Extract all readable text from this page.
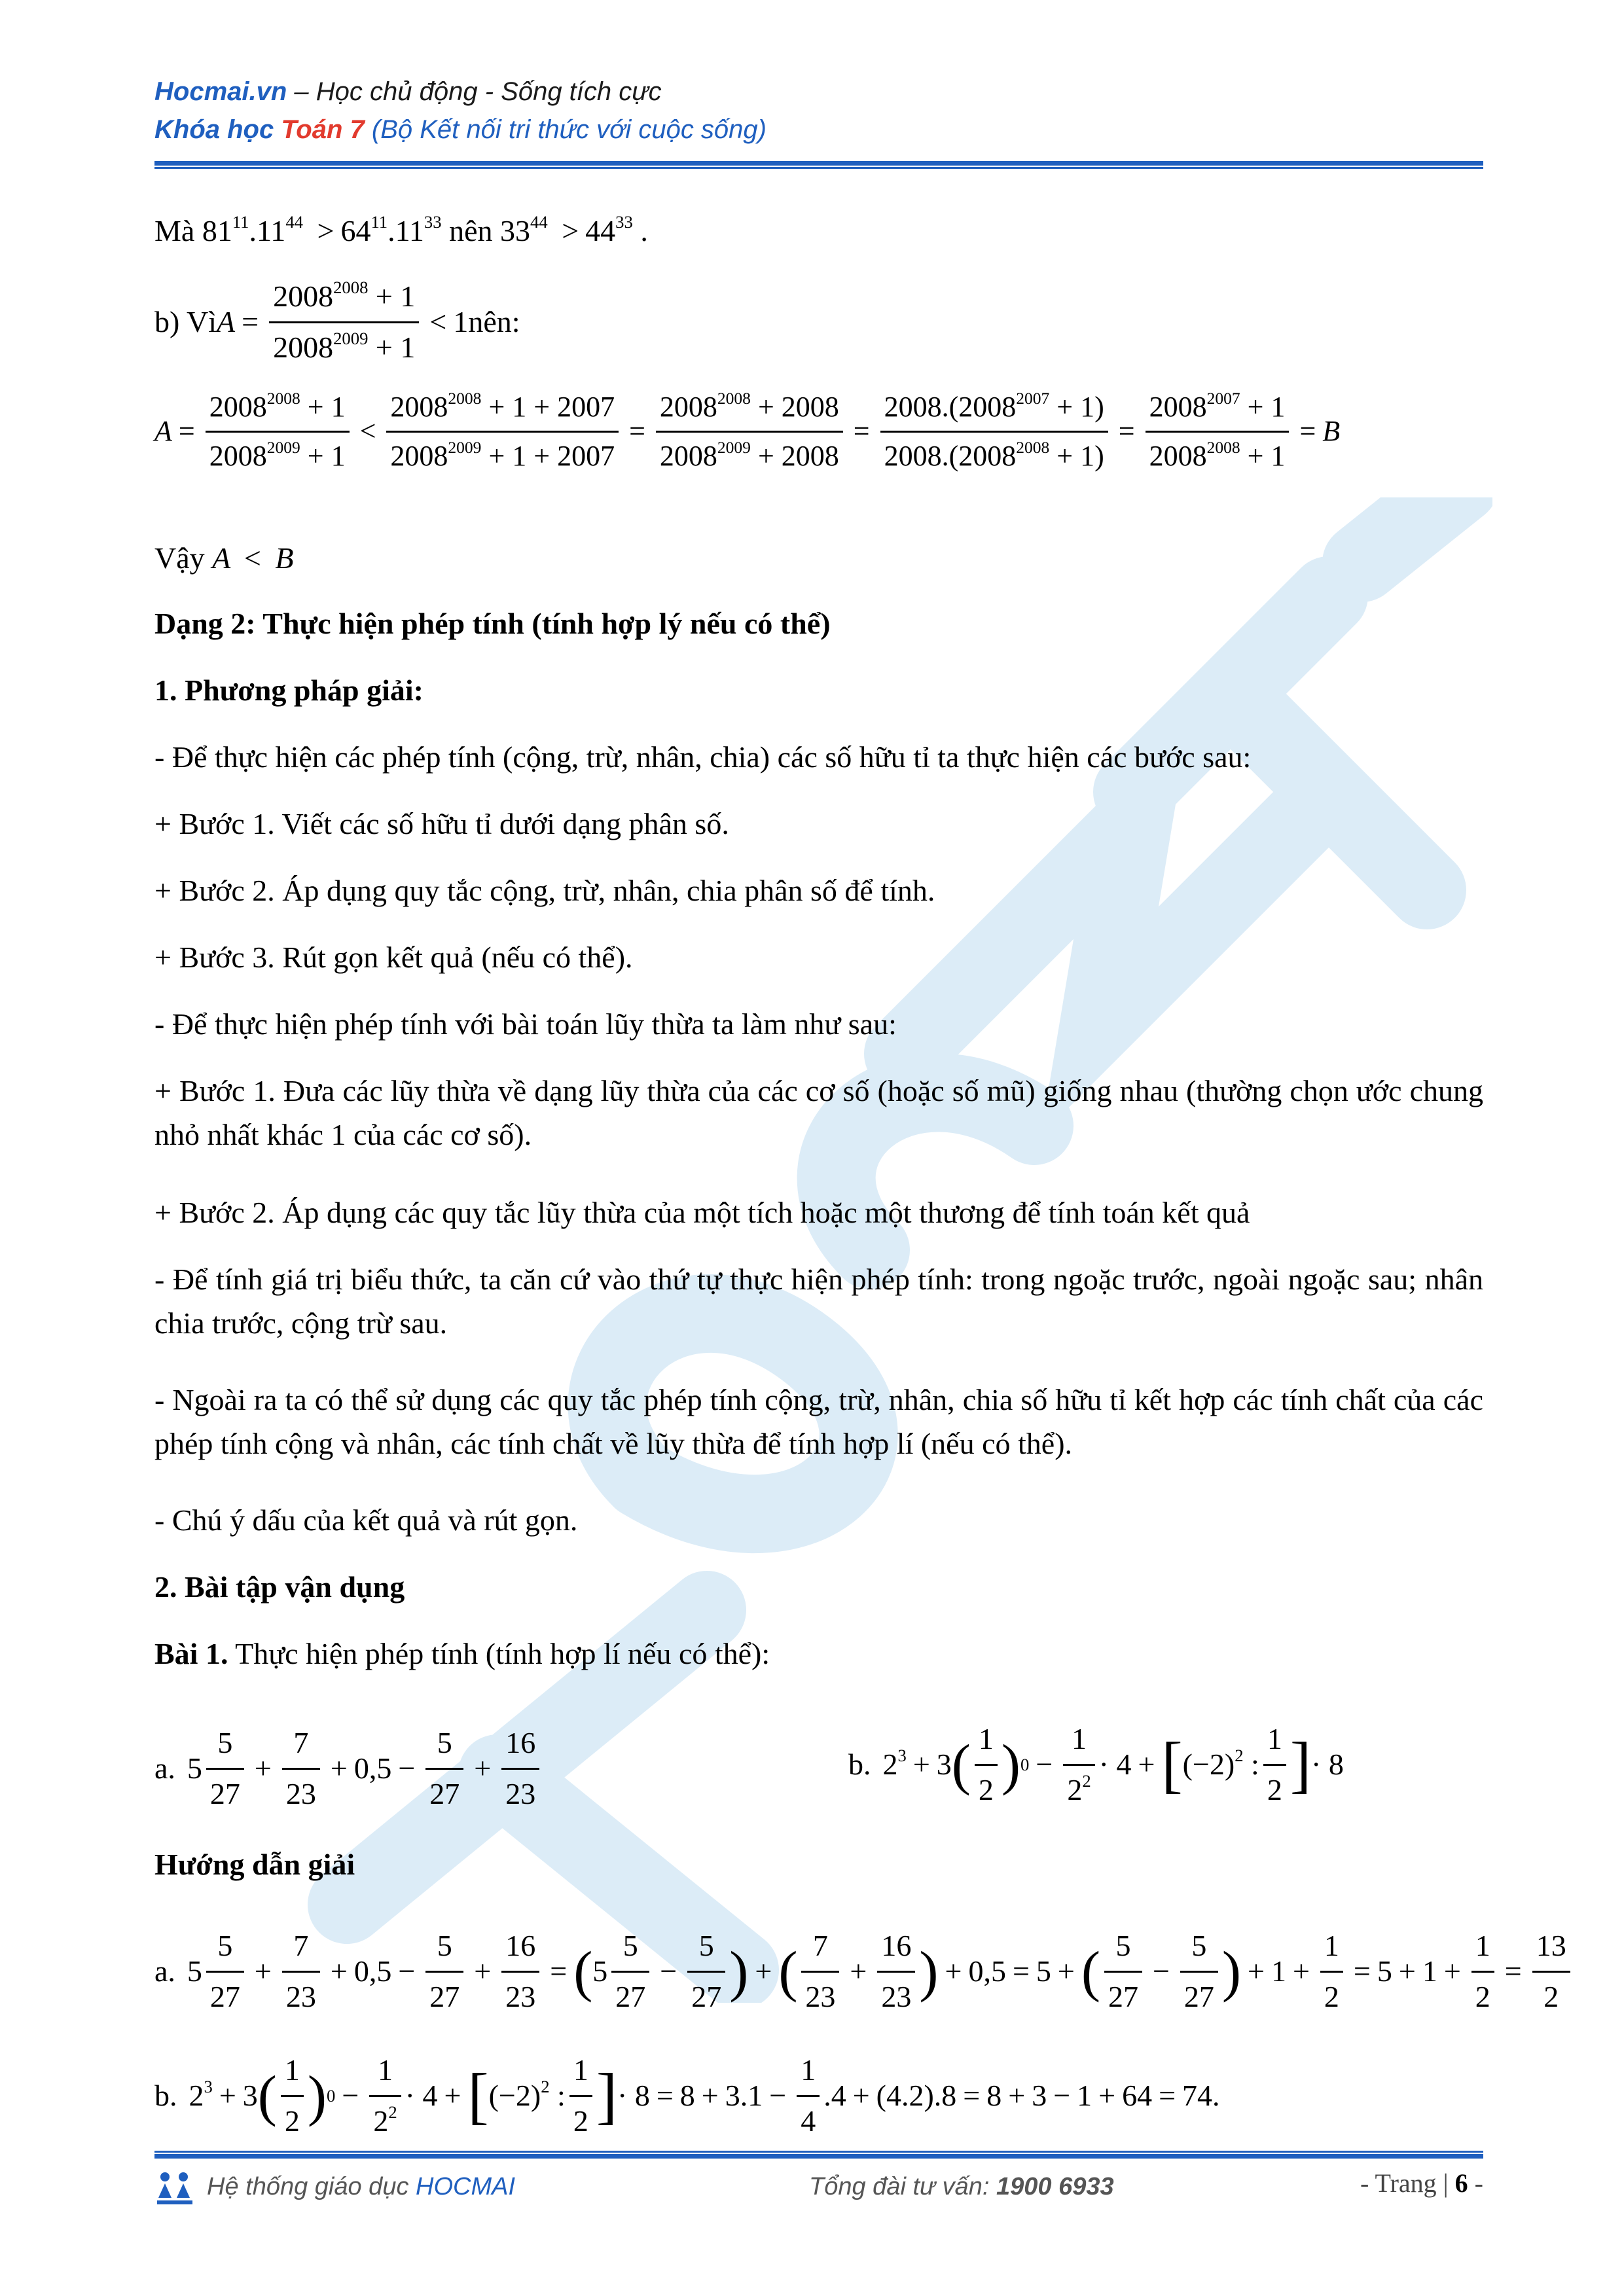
Hocmai.vn – Học chủ động - Sống tích cực
Khóa học Toán 7 (Bộ Kết nối tri thức với cuộc sống)
Mà $81^{11}.11^{44} > 64^{11}.11^{33}$ nên $33^{44} > 44^{33}$ .
b) Vì $A = \frac{2008^{2008} + 1}{2008^{2009} + 1} < 1$ nên:
$A = \frac{2008^{2008} + 1}{2008^{2009} + 1} < \frac{2008^{2008} + 1 + 2007}{2008^{2009} + 1 + 2007} = \frac{2008^{2008} + 2008}{2008^{2009} + 2008} = \frac{2008.(2008^{2007} + 1)}{2008.(2008^{2008} + 1)} = \frac{2008^{2007} + 1}{2008^{2008} + 1} = B$
Vậy A < B
Dạng 2: Thực hiện phép tính (tính hợp lý nếu có thể)
1. Phương pháp giải:
- Để thực hiện các phép tính (cộng, trừ, nhân, chia) các số hữu tỉ ta thực hiện các bước sau:
+ Bước 1. Viết các số hữu tỉ dưới dạng phân số.
+ Bước 2. Áp dụng quy tắc cộng, trừ, nhân, chia phân số để tính.
+ Bước 3. Rút gọn kết quả (nếu có thể).
- Để thực hiện phép tính với bài toán lũy thừa ta làm như sau:
+ Bước 1. Đưa các lũy thừa về dạng lũy thừa của các cơ số (hoặc số mũ) giống nhau (thường chọn ước chung nhỏ nhất khác 1 của các cơ số).
+ Bước 2. Áp dụng các quy tắc lũy thừa của một tích hoặc một thương để tính toán kết quả
- Để tính giá trị biểu thức, ta căn cứ vào thứ tự thực hiện phép tính: trong ngoặc trước, ngoài ngoặc sau; nhân chia trước, cộng trừ sau.
- Ngoài ra ta có thể sử dụng các quy tắc phép tính cộng, trừ, nhân, chia số hữu tỉ kết hợp các tính chất của các phép tính cộng và nhân, các tính chất về lũy thừa để tính hợp lí (nếu có thể).
- Chú ý dấu của kết quả và rút gọn.
2. Bài tập vận dụng
Bài 1. Thực hiện phép tính (tính hợp lí nếu có thể):
a. $5 \frac{5}{27} + \frac{7}{23} + 0,5 - \frac{5}{27} + \frac{16}{23}$	b. $2^3 + 3$ ( $\frac{1}{2}$ ) $0 - \frac{1}{2^2} \cdot 4$ + [ $(-2)^2$ : $\frac{1}{2}$ ] · 8
Hướng dẫn giải
a. $5 \frac{5}{27} + \frac{7}{23} + 0,5 - \frac{5}{27} + \frac{16}{23}$ = ( $5 \frac{5}{27} - \frac{5}{27}$ ) + ( $\frac{7}{23} + \frac{16}{23}$ ) + 0,5 = 5 + ( $\frac{5}{27} - \frac{5}{27}$ ) + $1 + \frac{1}{2} = 5 + 1 + \frac{1}{2} = \frac{13}{2}$
b. $2^3 + 3$ ( $\frac{1}{2}$ ) $0 - \frac{1}{2^2} \cdot 4$ + [ $(-2)^2$ : $\frac{1}{2}$ ] · $8 = 8 + 3.1 - \frac{1}{4} .4 + (4.2).8 = 8 + 3 - 1 + 64 = 74$.
Hệ thống giáo dục HOCMAI	Tổng đài tư vấn: 1900 6933	- Trang | 6 -
